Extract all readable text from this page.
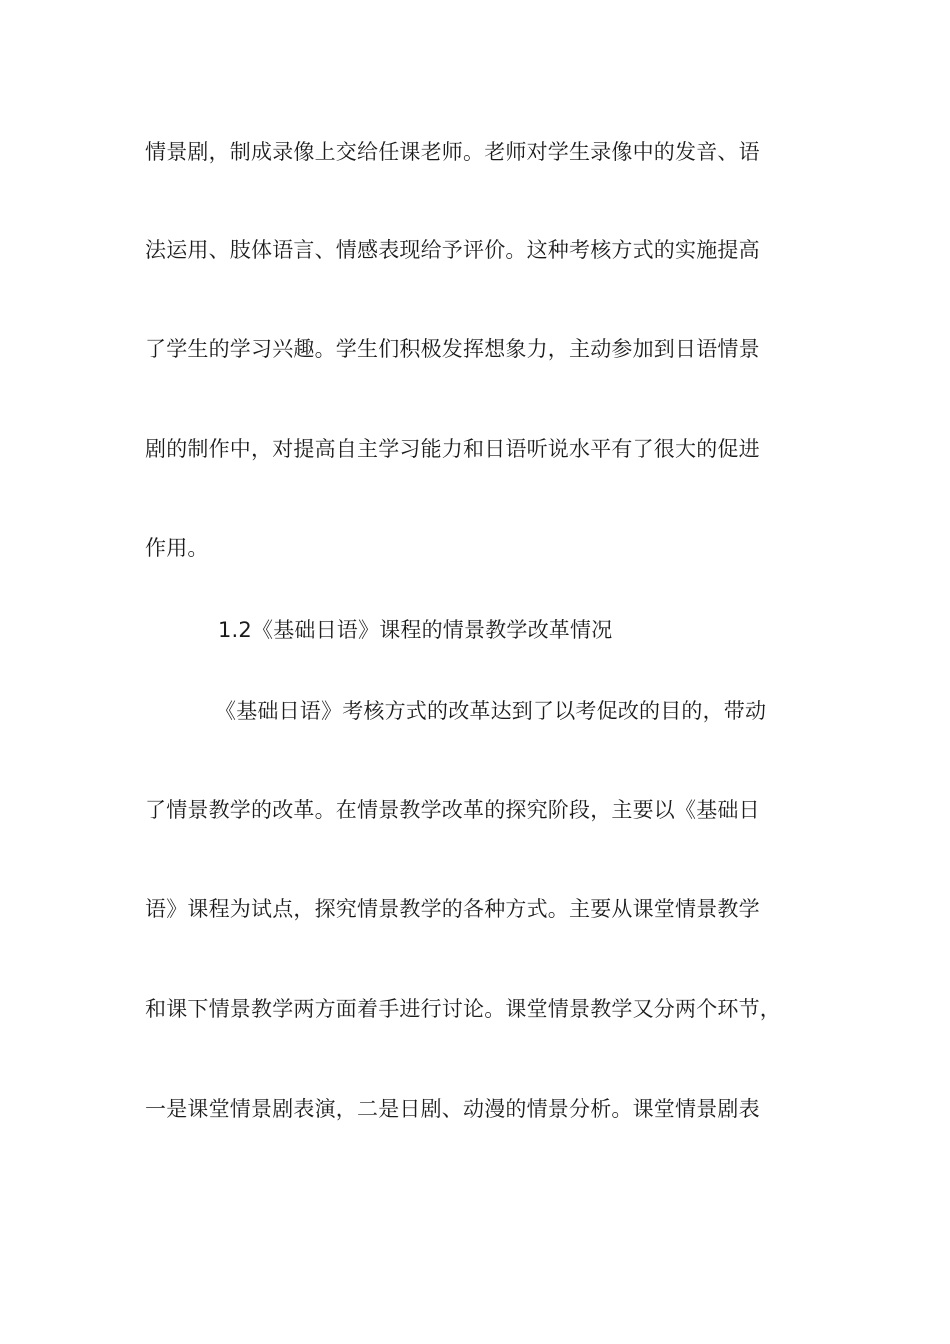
情景剧，制成录像上交给任课老师。老师对学生录像中的发音、语
法运用、肢体语言、情感表现给予评价。这种考核方式的实施提高
了学生的学习兴趣。学生们积极发挥想象力，主动参加到日语情景
剧的制作中，对提高自主学习能力和日语听说水平有了很大的促进
作用。
1.2《基础日语》课程的情景教学改革情况
《基础日语》考核方式的改革达到了以考促改的目的，带动
了情景教学的改革。在情景教学改革的探究阶段，主要以《基础日
语》课程为试点，探究情景教学的各种方式。主要从课堂情景教学
和课下情景教学两方面着手进行讨论。课堂情景教学又分两个环节，
一是课堂情景剧表演，二是日剧、动漫的情景分析。课堂情景剧表
